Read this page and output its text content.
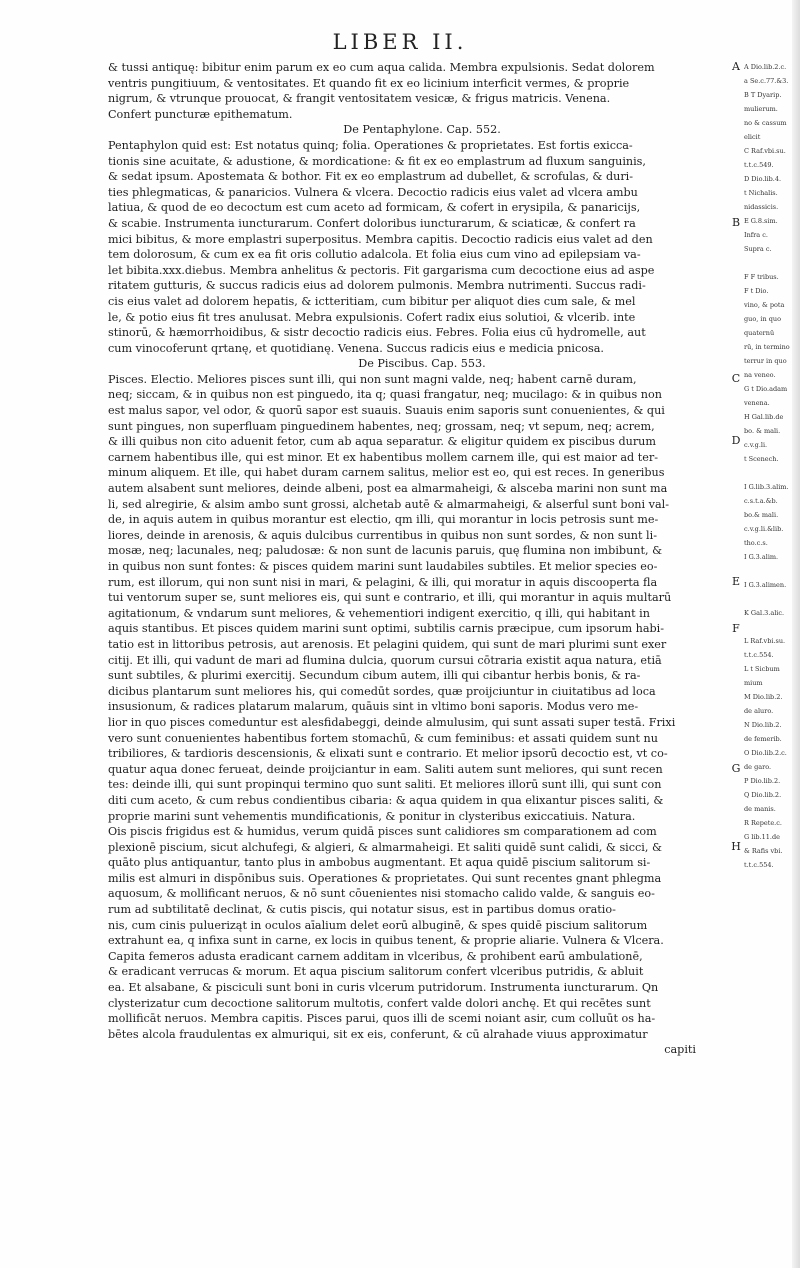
LIBER II.
& tussi antiquę: bibitur enim parum ex eo cum aqua calida. Membra expulsionis. Sedat dolorem
ventris pungitiuum, & ventositates. Et quando fit ex eo licinium interficit vermes, & proprie
nigrum, & vtrunque prouocat, & frangit ventositatem vesicæ, & frigus matricis. Venena.
Confert puncturæ epithematum.
De Pentaphylone. Cap. 552.
Pentaphylon quid est: Est notatus quinq; folia. Operationes & proprietates. Est fortis exicca-
tionis sine acuitate, & adustione, & mordicatione: & fit ex eo emplastrum ad fluxum sanguinis,
& sedat ipsum. Apostemata & bothor. Fit ex eo emplastrum ad dubellet, & scrofulas, & duri-
ties phlegmaticas, & panaricios. Vulnera & vlcera. Decoctio radicis eius valet ad vlcera ambu
latiua, & quod de eo decoctum est cum aceto ad formicam, & cofert in erysipila, & panaricijs,
& scabie. Instrumenta iuncturarum. Confert doloribus iuncturarum, & sciaticæ, & confert ra
mici bibitus, & more emplastri superpositus. Membra capitis. Decoctio radicis eius valet ad den
tem dolorosum, & cum ex ea fit oris collutio adalcola. Et folia eius cum vino ad epilepsiam va-
let bibita.xxx.diebus. Membra anhelitus & pectoris. Fit gargarisma cum decoctione eius ad aspe
ritatem gutturis, & succus radicis eius ad dolorem pulmonis. Membra nutrimenti. Succus radi-
cis eius valet ad dolorem hepatis, & ictteritiam, cum bibitur per aliquot dies cum sale, & mel
le, & potio eius fit tres anulusat. Mebra expulsionis. Cofert radix eius solutioi, & vlcerib. inte
stinorū, & hæmorrhoidibus, & sistr decoctio radicis eius. Febres. Folia eius cū hydromelle, aut
cum vinocoferunt qrtanę, et quotidianę. Venena. Succus radicis eius e medicia pnicosa.
De Piscibus. Cap. 553.
Pisces. Electio. Meliores pisces sunt illi, qui non sunt magni valde, neq; habent carnē duram,
neq; siccam, & in quibus non est pinguedo, ita q; quasi frangatur, neq; mucilago: & in quibus non
est malus sapor, vel odor, & quorū sapor est suauis. Suauis enim saporis sunt conuenientes, & qui
sunt pingues, non superfluam pinguedinem habentes, neq; grossam, neq; vt sepum, neq; acrem,
& illi quibus non cito aduenit fetor, cum ab aqua separatur. & eligitur quidem ex piscibus durum
carnem habentibus ille, qui est minor. Et ex habentibus mollem carnem ille, qui est maior ad ter-
minum aliquem. Et ille, qui habet duram carnem salitus, melior est eo, qui est reces. In generibus
autem alsabent sunt meliores, deinde albeni, post ea almarmaheigi, & alsceba marini non sunt ma
li, sed alregirie, & alsim ambo sunt grossi, alchetab autē & almarmaheigi, & alserful sunt boni val-
de, in aquis autem in quibus morantur est electio, qm illi, qui morantur in locis petrosis sunt me-
liores, deinde in arenosis, & aquis dulcibus currentibus in quibus non sunt sordes, & non sunt li-
mosæ, neq; lacunales, neq; paludosæ: & non sunt de lacunis paruis, quę flumina non imbibunt, &
in quibus non sunt fontes: & pisces quidem marini sunt laudabiles subtiles. Et melior species eo-
rum, est illorum, qui non sunt nisi in mari, & pelagini, & illi, qui moratur in aquis discooperta fla
tui ventorum super se, sunt meliores eis, qui sunt e contrario, et illi, qui morantur in aquis multarū
agitationum, & vndarum sunt meliores, & vehementiori indigent exercitio, q illi, qui habitant in
aquis stantibus. Et pisces quidem marini sunt optimi, subtilis carnis præcipue, cum ipsorum habi-
tatio est in littoribus petrosis, aut arenosis. Et pelagini quidem, qui sunt de mari plurimi sunt exer
citij. Et illi, qui vadunt de mari ad flumina dulcia, quorum cursui cōtraria existit aqua natura, etiā
sunt subtiles, & plurimi exercitij. Secundum cibum autem, illi qui cibantur herbis bonis, & ra-
dicibus plantarum sunt meliores his, qui comedūt sordes, quæ proijciuntur in ciuitatibus ad loca
insusionum, & radices platarum malarum, quāuis sint in vltimo boni saporis. Modus vero me-
lior in quo pisces comeduntur est alesfidabeggi, deinde almulusim, qui sunt assati super testā. Frixi
vero sunt conuenientes habentibus fortem stomachū, & cum feminibus: et assati quidem sunt nu
tribiliores, & tardioris descensionis, & elixati sunt e contrario. Et melior ipsorū decoctio est, vt co-
quatur aqua donec ferueat, deinde proijciantur in eam. Saliti autem sunt meliores, qui sunt recen
tes: deinde illi, qui sunt propinqui termino quo sunt saliti. Et meliores illorū sunt illi, qui sunt con
diti cum aceto, & cum rebus condientibus cibaria: & aqua quidem in qua elixantur pisces saliti, &
proprie marini sunt vehementis mundificationis, & ponitur in clysteribus exiccatiuis. Natura.
Ois piscis frigidus est & humidus, verum quidā pisces sunt calidiores sm comparationem ad com
plexionē piscium, sicut alchufegi, & algieri, & almarmaheigi. Et saliti quidē sunt calidi, & sicci, &
quāto plus antiquantur, tanto plus in ambobus augmentant. Et aqua quidē piscium salitorum si-
milis est almuri in dispōnibus suis. Operationes & proprietates. Qui sunt recentes gnant phlegma
aquosum, & mollificant neruos, & nō sunt cōuenientes nisi stomacho calido valde, & sanguis eo-
rum ad subtilitatē declinat, & cutis piscis, qui notatur sisus, est in partibus domus oratio-
nis, cum cinis pulueriząt in oculos aīalium delet eorū albuginē, & spes quidē piscium salitorum
extrahunt ea, q infixa sunt in carne, ex locis in quibus tenent, & proprie aliarie. Vulnera & Vlcera.
Capita femeros adusta eradicant carnem additam in vlceribus, & prohibent earū ambulationē,
& eradicant verrucas & morum. Et aqua piscium salitorum confert vlceribus putridis, & abluit
ea. Et alsabane, & pisciculi sunt boni in curis vlcerum putridorum. Instrumenta iuncturarum. Qn
clysterizatur cum decoctione salitorum multotis, confert valde dolori anchę. Et qui recētes sunt
mollificāt neruos. Membra capitis. Pisces parui, quos illi de scemi noiant asir, cum colluūt os ha-
bētes alcola fraudulentas ex almuriqui, sit ex eis, conferunt, & cū alrahade viuus approximatur
capiti
A
B
C
D
E
F
G
H
A Dio.lib.2.c.
a Se.c.77.&3.
B T Dyarip.
mulierum.
no & cassum
elicit
C Raf.vbi.su.
t.t.c.549.
D Dio.lib.4.
t Nichalis.
nidassicis.
E G.8.sim.
Infra c.
Supra c.
F F tribus.
F t Dio.
vino, & pota
guo, in quo
quaternū
rū, in termino
terrur in quo
na veneo.
G t Dio.adam
venena.
H Gal.lib.de
bo. & mali.
c.v.g.li.
t Scenech.
I G.lib.3.alim.
c.s.t.a.&b.
bo.& mali.
c.v.g.li.&lib.
tho.c.s.
I G.3.alim.
I G.3.alimen.
K Gal.3.alic.
L Raf.vbi.su.
t.t.c.554.
L t Sicbum
mium
M Dio.lib.2.
de aluro.
N Dio.lib.2.
de femerib.
O Dio.lib.2.c.
de garo.
P Dio.lib.2.
Q Dio.lib.2.
de manis.
R Repete.c.
G lib.11.de
& Rafis vbi.
t.t.c.554.
